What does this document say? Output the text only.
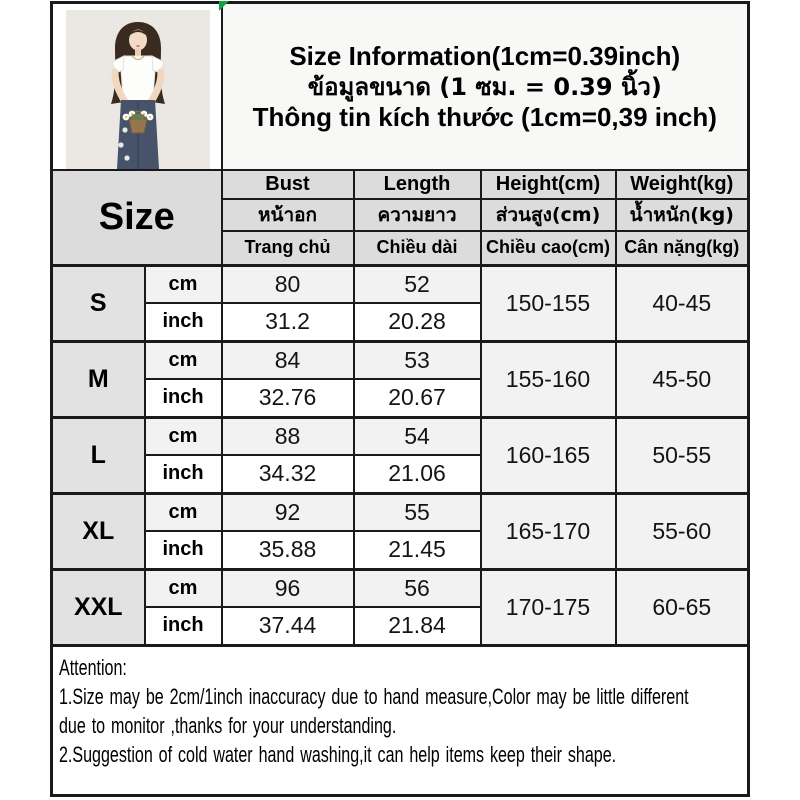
Size Information(1cm=0.39inch)
ข้อมูลขนาด (1 ซม. = 0.39 นิ้ว)
Thông tin kích thước (1cm=0,39 inch)			

Size		Bust	Length	Height(cm)	Weight(kg)
		หน้าอก	ความยาว	ส่วนสูง(cm)	น้ำหนัก(kg)
		Trang chủ	Chiều dài	Chiều cao(cm)	Cân nặng(kg)
S	cm	80	52	150-155	40-45
	inch	31.2	20.28		
M	cm	84	53	155-160	45-50
	inch	32.76	20.67		
L	cm	88	54	160-165	50-55
	inch	34.32	21.06		
XL	cm	92	55	165-170	55-60
	inch	35.88	21.45		
XXL	cm	96	56	170-175	60-65
	inch	37.44	21.84		

Attention:
1.Size may be 2cm/1inch inaccuracy due to hand measure,Color may be little different
due to monitor ,thanks for your understanding.
2.Suggestion of cold water hand washing,it can help items keep their shape.					
